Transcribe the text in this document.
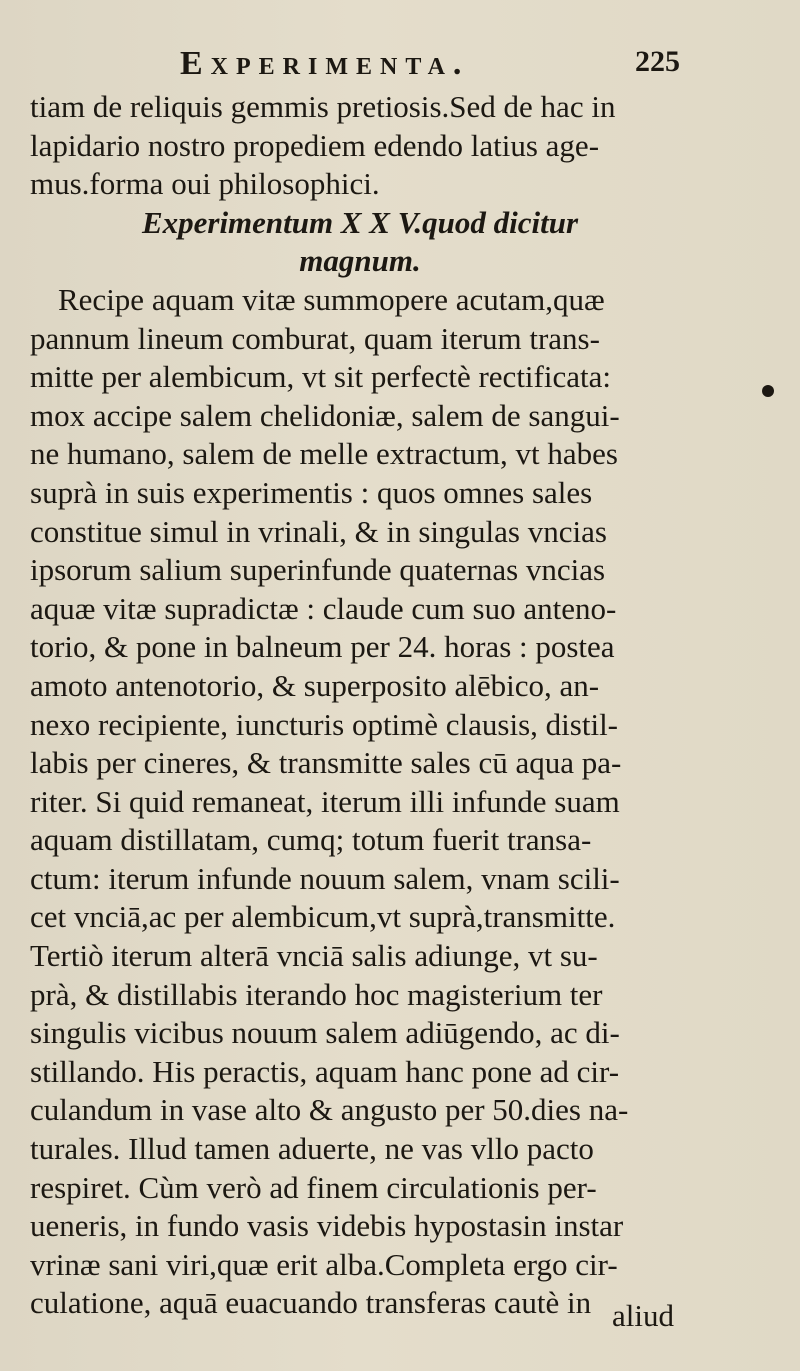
Experimenta.	225
tiam de reliquis gemmis pretiosis.Sed de hac in
lapidario nostro propediem edendo latius age-
mus.forma oui philosophici.
Experimentum X X V.quod dicitur
magnum.
Recipe aquam vitæ summopere acutam,quæ
pannum lineum comburat, quam iterum trans-
mitte per alembicum, vt sit perfectè rectificata:
mox accipe salem chelidoniæ, salem de sangui-
ne humano, salem de melle extractum, vt habes
suprà in suis experimentis : quos omnes sales
constitue simul in vrinali, & in singulas vncias
ipsorum salium superinfunde quaternas vncias
aquæ vitæ supradictæ : claude cum suo anteno-
torio, & pone in balneum per 24. horas : postea
amoto antenotorio, & superposito alēbico, an-
nexo recipiente, iuncturis optimè clausis, distil-
labis per cineres, & transmitte sales cū aqua pa-
riter. Si quid remaneat, iterum illi infunde suam
aquam distillatam, cumq; totum fuerit transa-
ctum: iterum infunde nouum salem, vnam scili-
cet vnciā,ac per alembicum,vt suprà,transmitte.
Tertiò iterum alterā vnciā salis adiunge, vt su-
prà, & distillabis iterando hoc magisterium ter
singulis vicibus nouum salem adiūgendo, ac di-
stillando. His peractis, aquam hanc pone ad cir-
culandum in vase alto & angusto per 50.dies na-
turales. Illud tamen aduerte, ne vas vllo pacto
respiret. Cùm verò ad finem circulationis per-
ueneris, in fundo vasis videbis hypostasin instar
vrinæ sani viri,quæ erit alba.Completa ergo cir-
culatione, aquā euacuando transferas cautè in aliud
